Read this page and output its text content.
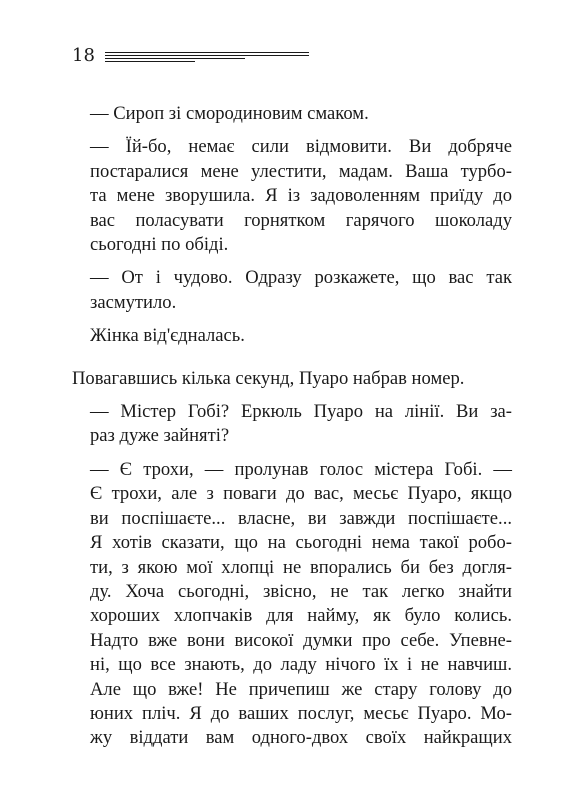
18

— Сироп зі смородиновим смаком.

— Їй-бо, немає сили відмовити. Ви добряче
постаралися мене улестити, мадам. Ваша турбо-
та мене зворушила. Я із задоволенням приїду до
вас поласувати горнятком гарячого шоколаду
сьогодні по обіді.

— От і чудово. Одразу розкажете, що вас так
засмутило.

Жінка від'єдналась.

Повагавшись кілька секунд, Пуаро набрав номер.

— Містер Гобі? Еркюль Пуаро на лінії. Ви за-
раз дуже зайняті?

— Є трохи, — пролунав голос містера Гобі. —
Є трохи, але з поваги до вас, месьє Пуаро, якщо
ви поспішаєте... власне, ви завжди поспішаєте...
Я хотів сказати, що на сьогодні нема такої робо-
ти, з якою мої хлопці не впорались би без догля-
ду. Хоча сьогодні, звісно, не так легко знайти
хороших хлопчаків для найму, як було колись.
Надто вже вони високої думки про себе. Упевне-
ні, що все знають, до ладу нічого їх і не навчиш.
Але що вже! Не причепиш же стару голову до
юних пліч. Я до ваших послуг, месьє Пуаро. Мо-
жу віддати вам одного-двох своїх найкращих
